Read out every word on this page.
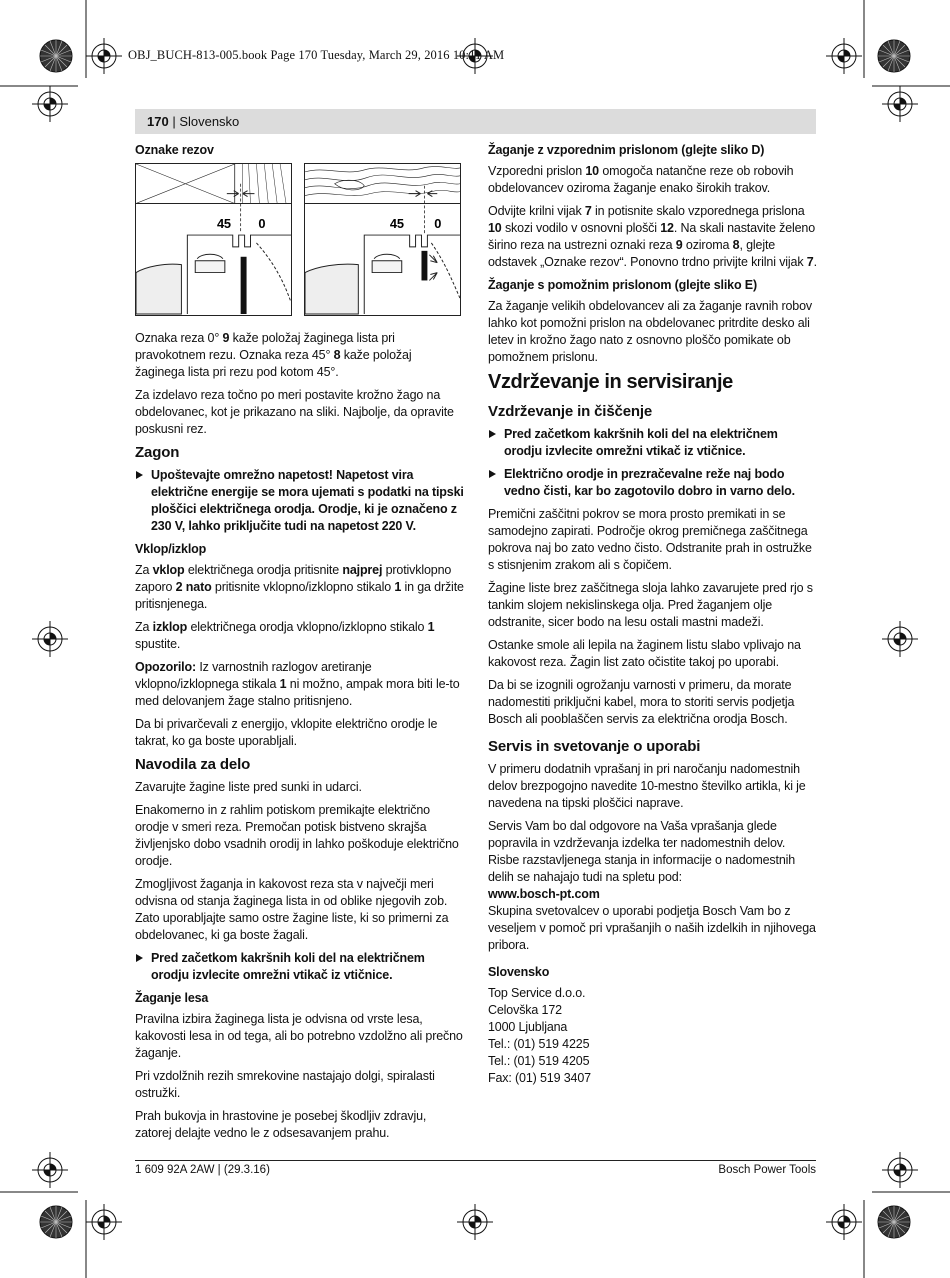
OBJ_BUCH-813-005.book Page 170 Tuesday, March 29, 2016 10:11 AM
170 | Slovensko
Oznake rezov
45 0	45 0

Oznaka reza 0° 9 kaže položaj žaginega lista pri pravokotnem rezu. Oznaka reza 45° 8 kaže položaj žaginega lista pri rezu pod kotom 45°.

Za izdelavo reza točno po meri postavite krožno žago na obdelovanec, kot je prikazano na sliki. Najbolje, da opravite poskusni rez.

Zagon
Upoštevajte omrežno napetost! Napetost vira električne energije se mora ujemati s podatki na tipski ploščici električnega orodja. Orodje, ki je označeno z 230 V, lahko priključite tudi na napetost 220 V.
Vklop/izklop

Za vklop električnega orodja pritisnite najprej protivklopno zaporo 2 nato pritisnite vklopno/izklopno stikalo 1 in ga držite pritisnjenega.

Za izklop električnega orodja vklopno/izklopno stikalo 1 spustite.

Opozorilo: Iz varnostnih razlogov aretiranje vklopno/izklopnega stikala 1 ni možno, ampak mora biti le-to med delovanjem žage stalno pritisnjeno.

Da bi privarčevali z energijo, vklopite električno orodje le takrat, ko ga boste uporabljali.

Navodila za delo

Zavarujte žagine liste pred sunki in udarci.

Enakomerno in z rahlim potiskom premikajte električno orodje v smeri reza. Premočan potisk bistveno skrajša življenjsko dobo vsadnih orodij in lahko poškoduje električno orodje.

Zmogljivost žaganja in kakovost reza sta v največji meri odvisna od stanja žaginega lista in od oblike njegovih zob. Zato uporabljajte samo ostre žagine liste, ki so primerni za obdelovanec, ki ga boste žagali.

Pred začetkom kakršnih koli del na električnem orodju izvlecite omrežni vtikač iz vtičnice.
Žaganje lesa

Pravilna izbira žaginega lista je odvisna od vrste lesa, kakovosti lesa in od tega, ali bo potrebno vzdolžno ali prečno žaganje.

Pri vzdolžnih rezih smrekovine nastajajo dolgi, spiralasti ostružki.

Prah bukovja in hrastovine je posebej škodljiv zdravju, zatorej delajte vedno le z odsesavanjem prahu.

Žaganje z vzporednim prislonom (glejte sliko D)

Vzporedni prislon 10 omogoča natančne reze ob robovih obdelovancev oziroma žaganje enako širokih trakov.

Odvijte krilni vijak 7 in potisnite skalo vzporednega prislona 10 skozi vodilo v osnovni plošči 12. Na skali nastavite želeno širino reza na ustrezni oznaki reza 9 oziroma 8, glejte odstavek „Oznake rezov“. Ponovno trdno privijte krilni vijak 7.

Žaganje s pomožnim prislonom (glejte sliko E)

Za žaganje velikih obdelovancev ali za žaganje ravnih robov lahko kot pomožni prislon na obdelovanec pritrdite desko ali letev in krožno žago nato z osnovno ploščo pomikate ob pomožnem prislonu.

Vzdrževanje in servisiranje
Vzdrževanje in čiščenje
Pred začetkom kakršnih koli del na električnem orodju izvlecite omrežni vtikač iz vtičnice.
Električno orodje in prezračevalne reže naj bodo vedno čisti, kar bo zagotovilo dobro in varno delo.

Premični zaščitni pokrov se mora prosto premikati in se samodejno zapirati. Področje okrog premičnega zaščitnega pokrova naj bo zato vedno čisto. Odstranite prah in ostružke s stisnjenim zrakom ali s čopičem.

Žagine liste brez zaščitnega sloja lahko zavarujete pred rjo s tankim slojem nekislinskega olja. Pred žaganjem olje odstranite, sicer bodo na lesu ostali mastni madeži.

Ostanke smole ali lepila na žaginem listu slabo vplivajo na kakovost reza. Žagin list zato očistite takoj po uporabi.

Da bi se izognili ogrožanju varnosti v primeru, da morate nadomestiti priključni kabel, mora to storiti servis podjetja Bosch ali pooblaščen servis za električna orodja Bosch.

Servis in svetovanje o uporabi

V primeru dodatnih vprašanj in pri naročanju nadomestnih delov brezpogojno navedite 10-mestno številko artikla, ki je navedena na tipski ploščici naprave.

Servis Vam bo dal odgovore na Vaša vprašanja glede popravila in vzdrževanja izdelka ter nadomestnih delov. Risbe razstavljenega stanja in informacije o nadomestnih delih se nahajajo tudi na spletu pod:

www.bosch-pt.com

Skupina svetovalcev o uporabi podjetja Bosch Vam bo z veseljem v pomoč pri vprašanjih o naših izdelkih in njihovega pribora.

Slovensko

Top Service d.o.o.

Celovška 172

1000 Ljubljana

Tel.: (01) 519 4225

Tel.: (01) 519 4205

Fax: (01) 519 3407

1 609 92A 2AW | (29.3.16)	Bosch Power Tools
